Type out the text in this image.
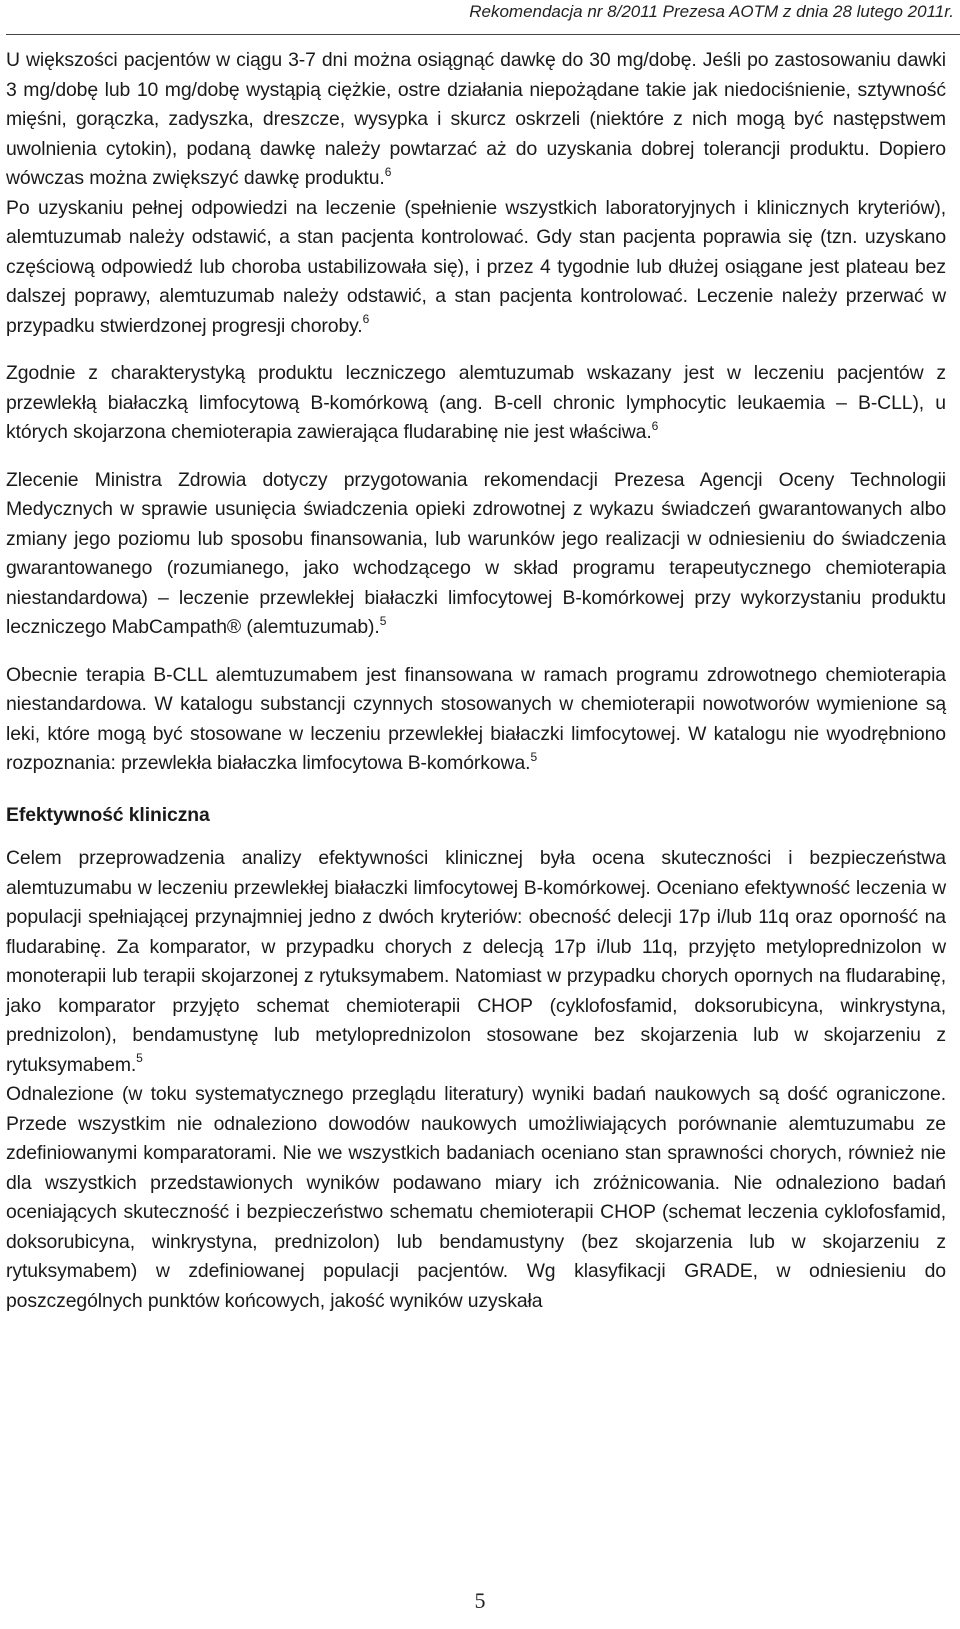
Rekomendacja nr 8/2011 Prezesa AOTM z dnia 28 lutego 2011r.

U większości pacjentów w ciągu 3-7 dni można osiągnąć dawkę do 30 mg/dobę. Jeśli po zastosowaniu dawki 3 mg/dobę lub 10 mg/dobę wystąpią ciężkie, ostre działania niepożądane takie jak niedociśnienie, sztywność mięśni, gorączka, zadyszka, dreszcze, wysypka i skurcz oskrzeli (niektóre z nich mogą być następstwem uwolnienia cytokin), podaną dawkę należy powtarzać aż do uzyskania dobrej tolerancji produktu. Dopiero wówczas można zwiększyć dawkę produktu.$^6$

Po uzyskaniu pełnej odpowiedzi na leczenie (spełnienie wszystkich laboratoryjnych i klinicznych kryteriów), alemtuzumab należy odstawić, a stan pacjenta kontrolować. Gdy stan pacjenta poprawia się (tzn. uzyskano częściową odpowiedź lub choroba ustabilizowała się), i przez 4 tygodnie lub dłużej osiągane jest plateau bez dalszej poprawy, alemtuzumab należy odstawić, a stan pacjenta kontrolować. Leczenie należy przerwać w przypadku stwierdzonej progresji choroby.$^6$

Zgodnie z charakterystyką produktu leczniczego alemtuzumab wskazany jest w leczeniu pacjentów z przewlekłą białaczką limfocytową B-komórkową (ang. B-cell chronic lymphocytic leukaemia – B-CLL), u których skojarzona chemioterapia zawierająca fludarabinę nie jest właściwa.$^6$

Zlecenie Ministra Zdrowia dotyczy przygotowania rekomendacji Prezesa Agencji Oceny Technologii Medycznych w sprawie usunięcia świadczenia opieki zdrowotnej z wykazu świadczeń gwarantowanych albo zmiany jego poziomu lub sposobu finansowania, lub warunków jego realizacji w odniesieniu do świadczenia gwarantowanego (rozumianego, jako wchodzącego w skład programu terapeutycznego chemioterapia niestandardowa) – leczenie przewlekłej białaczki limfocytowej B-komórkowej przy wykorzystaniu produktu leczniczego MabCampath® (alemtuzumab).$^5$

Obecnie terapia B-CLL alemtuzumabem jest finansowana w ramach programu zdrowotnego chemioterapia niestandardowa. W katalogu substancji czynnych stosowanych w chemioterapii nowotworów wymienione są leki, które mogą być stosowane w leczeniu przewlekłej białaczki limfocytowej. W katalogu nie wyodrębniono rozpoznania: przewlekła białaczka limfocytowa B-komórkowa.$^5$

Efektywność kliniczna

Celem przeprowadzenia analizy efektywności klinicznej była ocena skuteczności i bezpieczeństwa alemtuzumabu w leczeniu przewlekłej białaczki limfocytowej B-komórkowej. Oceniano efektywność leczenia w populacji spełniającej przynajmniej jedno z dwóch kryteriów: obecność delecji 17p i/lub 11q oraz oporność na fludarabinę. Za komparator, w przypadku chorych z delecją 17p i/lub 11q, przyjęto metyloprednizolon w monoterapii lub terapii skojarzonej z rytuksymabem. Natomiast w przypadku chorych opornych na fludarabinę, jako komparator przyjęto schemat chemioterapii CHOP (cyklofosfamid, doksorubicyna, winkrystyna, prednizolon), bendamustynę lub metyloprednizolon stosowane bez skojarzenia lub w skojarzeniu z rytuksymabem.$^5$

Odnalezione (w toku systematycznego przeglądu literatury) wyniki badań naukowych są dość ograniczone. Przede wszystkim nie odnaleziono dowodów naukowych umożliwiających porównanie alemtuzumabu ze zdefiniowanymi komparatorami. Nie we wszystkich badaniach oceniano stan sprawności chorych, również nie dla wszystkich przedstawionych wyników podawano miary ich zróżnicowania. Nie odnaleziono badań oceniających skuteczność i bezpieczeństwo schematu chemioterapii CHOP (schemat leczenia cyklofosfamid, doksorubicyna, winkrystyna, prednizolon) lub bendamustyny (bez skojarzenia lub w skojarzeniu z rytuksymabem) w zdefiniowanej populacji pacjentów. Wg klasyfikacji GRADE, w odniesieniu do poszczególnych punktów końcowych, jakość wyników uzyskała

5
